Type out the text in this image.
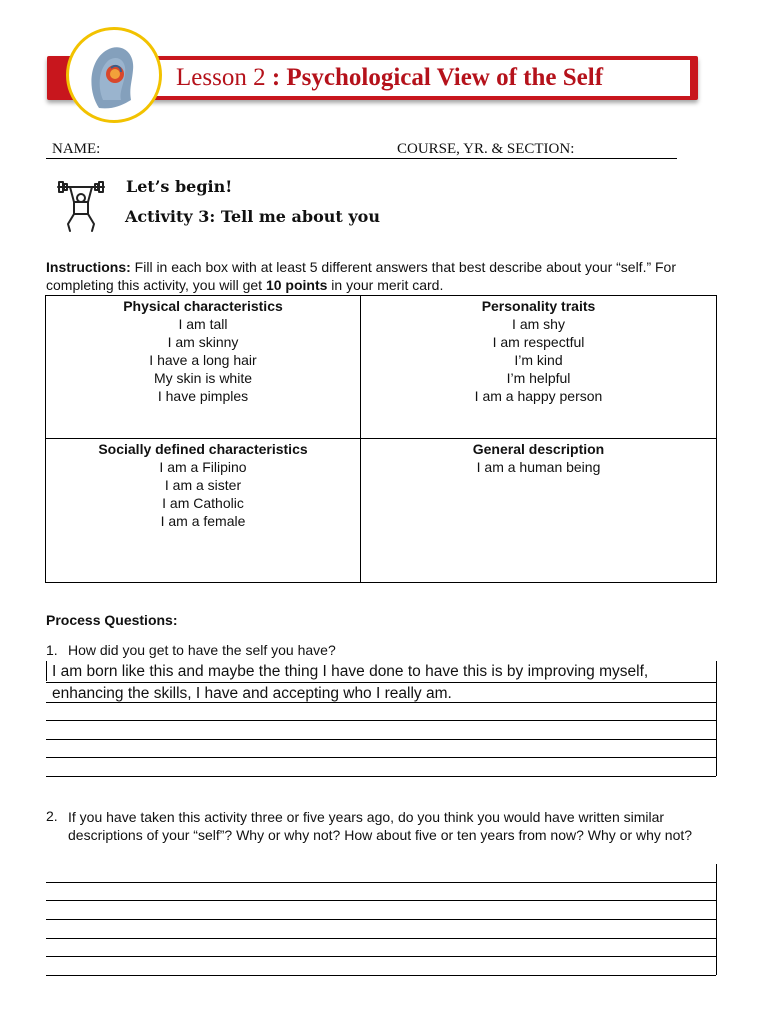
Lesson 2 : Psychological View of the Self
NAME:	COURSE, YR. & SECTION:
Let’s begin!
Activity 3: Tell me about you
Instructions: Fill in each box with at least 5 different answers that best describe about your “self.” For completing this activity, you will get 10 points in your merit card.
Physical characteristics
I am tall
I am skinny
I have a long hair
My skin is white
I have pimples
Personality traits
I am shy
I am respectful
I’m kind
I’m helpful
I am a happy person
Socially defined characteristics
I am a Filipino
I am a sister
I am Catholic
I am a female
General description
I am a human being
Process Questions:
1. How did you get to have the self you have?
I am born like this and maybe the thing I have done to have this is by improving myself,
enhancing the skills, I have and accepting who I really am.
2. If you have taken this activity three or five years ago, do you think you would have written similar descriptions of your “self”? Why or why not? How about five or ten years from now? Why or why not?
